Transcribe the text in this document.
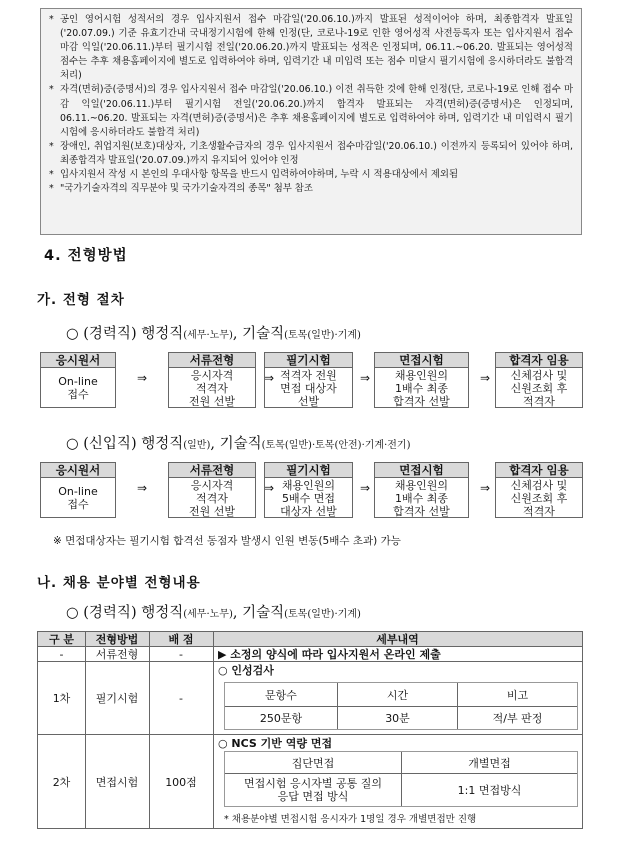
* 공인 영어시험 성적서의 경우 입사지원서 접수 마감일('20.06.10.)까지 발표된 성적이어야 하며, 최종합격자 발표일('20.07.09.) 기준 유효기간내 국내정기시험에 한해 인정(단, 코로나-19로 인한 영어성적 사전등록자 또는 입사지원서 접수 마감 익일('20.06.11.)부터 필기시험 전일('20.06.20.)까지 발표되는 성적은 인정되며, 06.11.~06.20. 발표되는 영어성적 점수는 추후 채용홈페이지에 별도로 입력하여야 하며, 입력기간 내 미입력 또는 점수 미달시 필기시험에 응시하더라도 불합격 처리)
* 자격(면허)증(증명서)의 경우 입사지원서 접수 마감일('20.06.10.) 이전 취득한 것에 한해 인정(단, 코로나-19로 인해 접수 마감 익일('20.06.11.)부터 필기시험 전일('20.06.20.)까지 합격자 발표되는 자격(면허)증(증명서)은 인정되며, 06.11.~06.20. 발표되는 자격(면허)증(증명서)은 추후 채용홈페이지에 별도로 입력하여야 하며, 입력기간 내 미입력시 필기시험에 응시하더라도 불합격 처리)
* 장애인, 취업지원(보호)대상자, 기초생활수급자의 경우 입사지원서 접수마감일('20.06.10.) 이전까지 등록되어 있어야 하며, 최종합격자 발표일('20.07.09.)까지 유지되어 있어야 인정
* 입사지원서 작성 시 본인의 우대사항 항목을 반드시 입력하여야하며, 누락 시 적용대상에서 제외됨
* "국가기술자격의 직무분야 및 국가기술자격의 종목" 첨부 참조
4. 전형방법
가. 전형 절차
○ (경력직) 행정직(세무·노무), 기술직(토목(일반)·기계)
응시원서
On-line
접수
⇒
서류전형
응시자격
적격자
전원 선발
⇒
필기시험
적격자 전원
면접 대상자
선발
⇒
면접시험
채용인원의
1배수 최종
합격자 선발
⇒
합격자 임용
신체검사 및
신원조회 후
적격자
○ (신입직) 행정직(일반), 기술직(토목(일반)·토목(안전)·기계·전기)
응시원서
On-line
접수
⇒
서류전형
응시자격
적격자
전원 선발
⇒
필기시험
채용인원의
5배수 면접
대상자 선발
⇒
면접시험
채용인원의
1배수 최종
합격자 선발
⇒
합격자 임용
신체검사 및
신원조회 후
적격자
※ 면접대상자는 필기시험 합격선 동점자 발생시 인원 변동(5배수 초과) 가능
나. 채용 분야별 전형내용
○ (경력직) 행정직(세무·노무), 기술직(토목(일반)·기계)
구 분	전형방법	배 점	세부내역
-	서류전형	-	▶ 소정의 양식에 따라 입사지원서 온라인 제출
1차	필기시험	-
○ 인성검사
문항수	시간	비고
250문항	30분	적/부 판정
2차	면접시험	100점
○ NCS 기반 역량 면접
집단면접	개별면접
면접시험 응시자별 공통 질의
응답 면접 방식	1:1 면접방식
* 채용분야별 면접시험 응시자가 1명일 경우 개별면접만 진행
